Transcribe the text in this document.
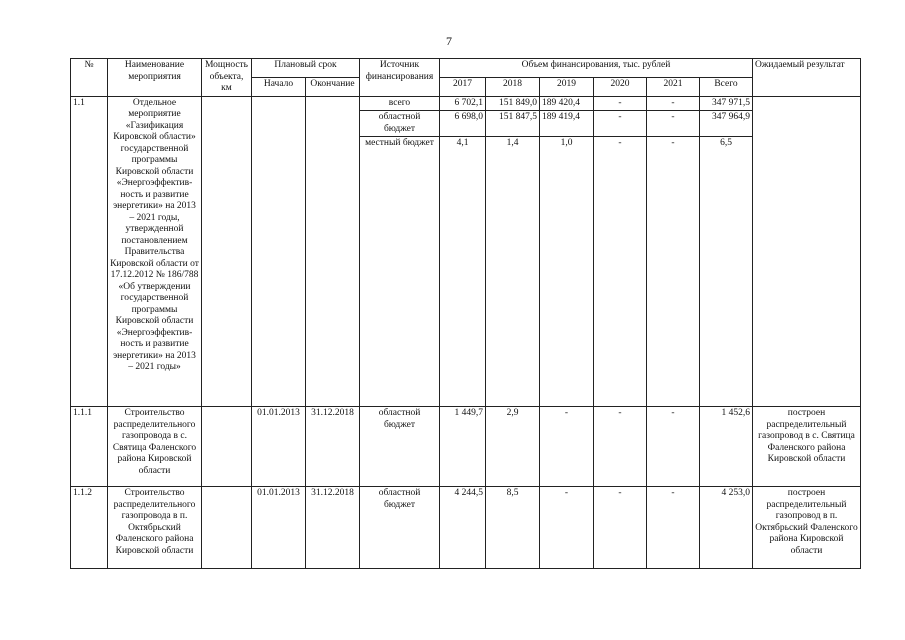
7
№	Наименование мероприятия	Мощность объекта, км	Плановый срок		Источник финансирования	Объем финансирования, тыс. рублей						Ожидаемый результат
			Начало	Окончание		2017	2018	2019	2020	2021	Всего	
1.1	Отдельное мероприятие «Газификация Кировской области» государственной программы Кировской области «Энергоэффектив-ность и развитие энергетики» на 2013 – 2021 годы, утвержденной постановлением Правительства Кировской области от 17.12.2012 № 186/788 «Об утверждении государственной программы Кировской области «Энергоэффектив-ность и развитие энергетики» на 2013 – 2021 годы»				всего	6 702,1	151 849,0	189 420,4	-	-	347 971,5	
					областной бюджет	6 698,0	151 847,5	189 419,4	-	-	347 964,9	
					местный бюджет	4,1	1,4	1,0	-	-	6,5	
1.1.1	Строительство распределительного газопровода в с. Святица Фаленского района Кировской области		01.01.2013	31.12.2018	областной бюджет	1 449,7	2,9	-	-	-	1 452,6	построен распределительный газопровод в с. Святица Фаленского района Кировской области
1.1.2	Строительство распределительного газопровода в п. Октябрьский Фаленского района Кировской области		01.01.2013	31.12.2018	областной бюджет	4 244,5	8,5	-	-	-	4 253,0	построен распределительный газопровод в п. Октябрьский Фаленского района Кировской области
